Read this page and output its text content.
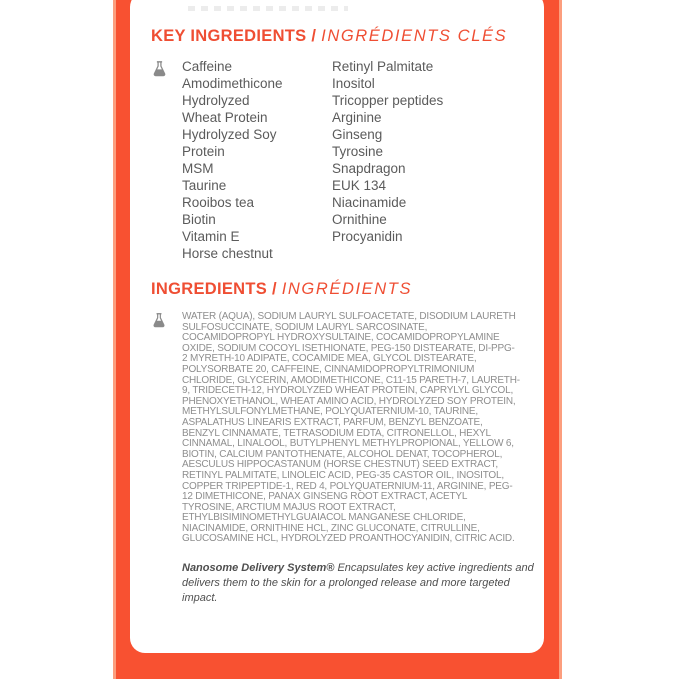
KEY INGREDIENTS / INGRÉDIENTS CLÉS
Caffeine
Amodimethicone
Hydrolyzed Wheat Protein
Hydrolyzed Soy Protein
MSM
Taurine
Rooibos tea
Biotin
Vitamin E
Horse chestnut
Retinyl Palmitate
Inositol
Tricopper peptides
Arginine
Ginseng
Tyrosine
Snapdragon
EUK 134
Niacinamide
Ornithine
Procyanidin
INGREDIENTS / INGRÉDIENTS
WATER (AQUA), SODIUM LAURYL SULFOACETATE, DISODIUM LAURETH SULFOSUCCINATE, SODIUM LAURYL SARCOSINATE, COCAMIDOPROPYL HYDROXYSULTAINE, COCAMIDOPROPYLAMINE OXIDE, SODIUM COCOYL ISETHIONATE, PEG-150 DISTEARATE, DI-PPG-2 MYRETH-10 ADIPATE, COCAMIDE MEA, GLYCOL DISTEARATE, POLYSORBATE 20, CAFFEINE, CINNAMIDOPROPYLTRIMONIUM CHLORIDE, GLYCERIN, AMODIMETHICONE, C11-15 PARETH-7, LAURETH-9, TRIDECETH-12, HYDROLYZED WHEAT PROTEIN, CAPRYLYL GLYCOL, PHENOXYETHANOL, WHEAT AMINO ACID, HYDROLYZED SOY PROTEIN, METHYLSULFONYLMETHANE, POLYQUATERNIUM-10, TAURINE, ASPALATHUS LINEARIS EXTRACT, PARFUM, BENZYL BENZOATE, BENZYL CINNAMATE, TETRASODIUM EDTA, CITRONELLOL, HEXYL CINNAMAL, LINALOOL, BUTYLPHENYL METHYLPROPIONAL, YELLOW 6, BIOTIN, CALCIUM PANTOTHENATE, ALCOHOL DENAT, TOCOPHEROL, AESCULUS HIPPOCASTANUM (HORSE CHESTNUT) SEED EXTRACT, RETINYL PALMITATE, LINOLEIC ACID, PEG-35 CASTOR OIL, INOSITOL, COPPER TRIPEPTIDE-1, RED 4, POLYQUATERNIUM-11, ARGININE, PEG-12 DIMETHICONE, PANAX GINSENG ROOT EXTRACT, ACETYL TYROSINE, ARCTIUM MAJUS ROOT EXTRACT, ETHYLBISIMINOMETHYLGUAIACOL MANGANESE CHLORIDE, NIACINAMIDE, ORNITHINE HCL, ZINC GLUCONATE, CITRULLINE, GLUCOSAMINE HCL, HYDROLYZED PROANTHOCYANIDIN, CITRIC ACID.
Nanosome Delivery System® Encapsulates key active ingredients and delivers them to the skin for a prolonged release and more targeted impact.
